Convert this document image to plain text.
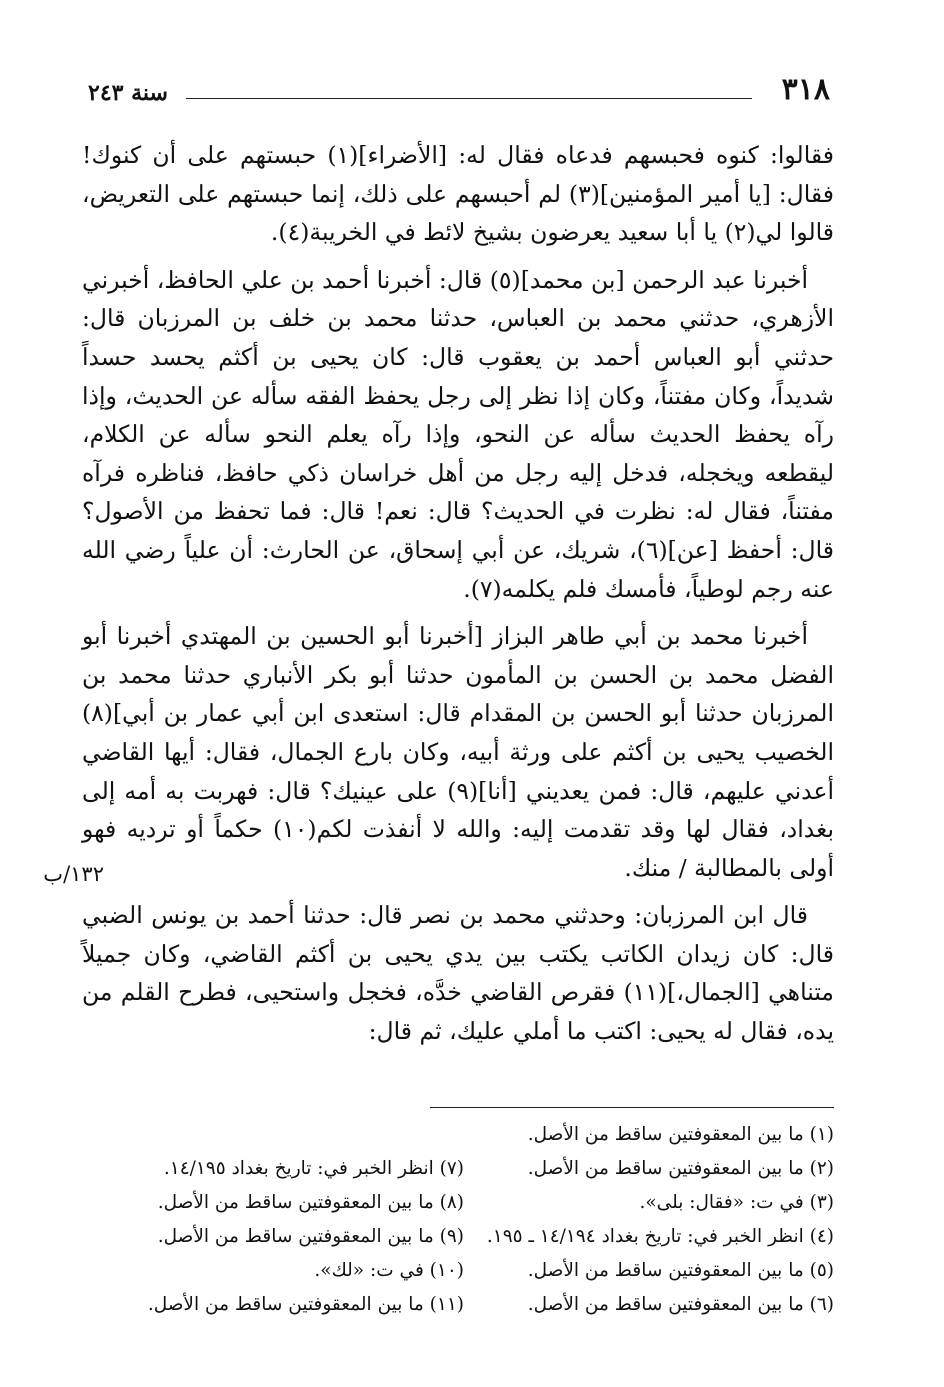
٣١٨
سنة ٢٤٣

فقالوا: كنوه فحبسهم فدعاه فقال له: [الأضراء](١) حبستهم على أن كنوك! فقال: [يا أمير المؤمنين](٣) لم أحبسهم على ذلك، إنما حبستهم على التعريض، قالوا لي(٢) يا أبا سعيد يعرضون بشيخ لائط في الخريبة(٤).

أخبرنا عبد الرحمن [بن محمد](٥) قال: أخبرنا أحمد بن علي الحافظ، أخبرني الأزهري، حدثني محمد بن العباس، حدثنا محمد بن خلف بن المرزبان قال: حدثني أبو العباس أحمد بن يعقوب قال: كان يحيى بن أكثم يحسد حسداً شديداً، وكان مفتناً، وكان إذا نظر إلى رجل يحفظ الفقه سأله عن الحديث، وإذا رآه يحفظ الحديث سأله عن النحو، وإذا رآه يعلم النحو سأله عن الكلام، ليقطعه ويخجله، فدخل إليه رجل من أهل خراسان ذكي حافظ، فناظره فرآه مفتناً، فقال له: نظرت في الحديث؟ قال: نعم! قال: فما تحفظ من الأصول؟ قال: أحفظ [عن](٦)، شريك، عن أبي إسحاق، عن الحارث: أن علياً رضي الله عنه رجم لوطياً، فأمسك فلم يكلمه(٧).

أخبرنا محمد بن أبي طاهر البزاز [أخبرنا أبو الحسين بن المهتدي أخبرنا أبو الفضل محمد بن الحسن بن المأمون حدثنا أبو بكر الأنباري حدثنا محمد بن المرزبان حدثنا أبو الحسن بن المقدام قال: استعدى ابن أبي عمار بن أبي](٨) الخصيب يحيى بن أكثم على ورثة أبيه، وكان بارع الجمال، فقال: أيها القاضي أعدني عليهم، قال: فمن يعديني [أنا](٩) على عينيك؟ قال: فهربت به أمه إلى بغداد، فقال لها وقد تقدمت إليه: والله لا أنفذت لكم(١٠) حكماً أو ترديه فهو أولى بالمطالبة / منك.

قال ابن المرزبان: وحدثني محمد بن نصر قال: حدثنا أحمد بن يونس الضبي قال: كان زيدان الكاتب يكتب بين يدي يحيى بن أكثم القاضي، وكان جميلاً متناهي [الجمال،](١١) فقرص القاضي خدَّه، فخجل واستحيى، فطرح القلم من يده، فقال له يحيى: اكتب ما أملي عليك، ثم قال:

١٣٢/ب
(١) ما بين المعقوفتين ساقط من الأصل.
(٢) ما بين المعقوفتين ساقط من الأصل.
(٣) في ت: «فقال: بلى».
(٤) انظر الخبر في: تاريخ بغداد ١٤/١٩٤ ـ ١٩٥.
(٥) ما بين المعقوفتين ساقط من الأصل.
(٦) ما بين المعقوفتين ساقط من الأصل.
(٧) انظر الخبر في: تاريخ بغداد ١٤/١٩٥.
(٨) ما بين المعقوفتين ساقط من الأصل.
(٩) ما بين المعقوفتين ساقط من الأصل.
(١٠) في ت: «لك».
(١١) ما بين المعقوفتين ساقط من الأصل.
